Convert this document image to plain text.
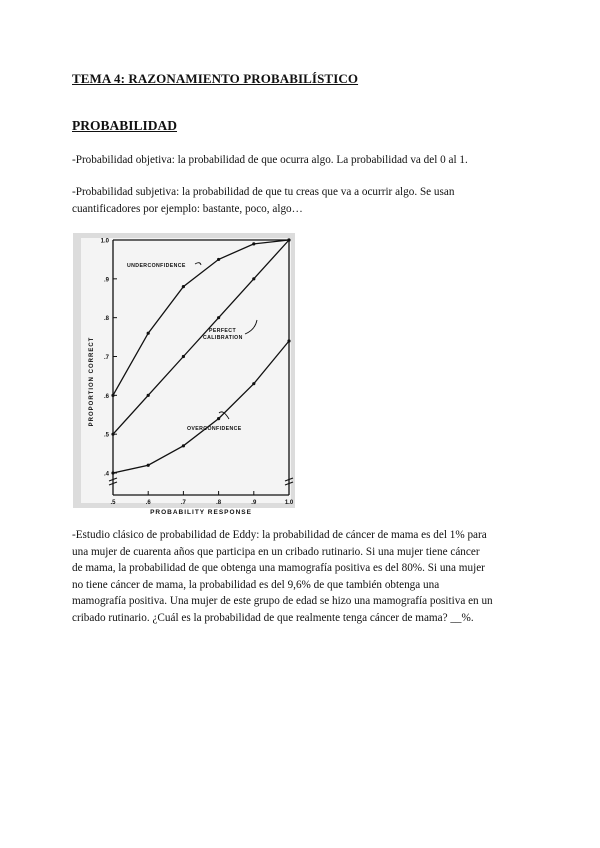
TEMA 4: RAZONAMIENTO PROBABILÍSTICO

PROBABILIDAD

-Probabilidad objetiva: la probabilidad de que ocurra algo. La probabilidad va del 0 al 1.

-Probabilidad subjetiva: la probabilidad de que tu creas que va a ocurrir algo. Se usan
cuantificadores por ejemplo: bastante, poco, algo…

.4
.5
.6
.7
.8
.9
1.0
.5	.6	.7	.8	.9	1.0
PROBABILITY RESPONSE
PROPORTION CORRECT
UNDERCONFIDENCE
PERFECT
CALIBRATION
OVERCONFIDENCE

-Estudio clásico de probabilidad de Eddy: la probabilidad de cáncer de mama es del 1% para
una mujer de cuarenta años que participa en un cribado rutinario. Si una mujer tiene cáncer
de mama, la probabilidad de que obtenga una mamografía positiva es del 80%. Si una mujer
no tiene cáncer de mama, la probabilidad es del 9,6% de que también obtenga una
mamografía positiva. Una mujer de este grupo de edad se hizo una mamografía positiva en un
cribado rutinario. ¿Cuál es la probabilidad de que realmente tenga cáncer de mama? __%.
